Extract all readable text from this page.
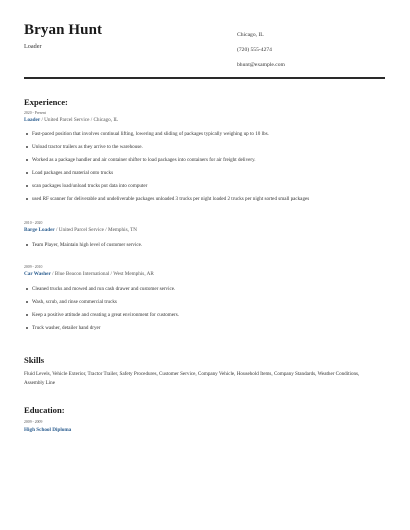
Bryan Hunt
Loader
Chicago, IL
(720) 555-4274
bhunt@example.com
Experience:
2020 - Present
Loader / United Parcel Service / Chicago, IL
Fast-paced position that involves continual lifting, lowering and sliding of packages typically weighing up to 10 lbs.
Unload tractor trailers as they arrive to the warehouse.
Worked as a package handler and air container shifter to load packages into containers for air freight delivery.
Load packages and material onto trucks
scan packages load/unload trucks put data into computer
used RF scanner for deliverable and undeliverable packages unloaded 3 trucks per night loaded 2 trucks per night sorted small packages
2010 - 2020
Barge Loader / United Parcel Service / Memphis, TN
Team Player, Maintain high level of customer service.
2009 - 2010
Car Washer / Blue Beacon International / West Memphis, AR
Cleaned trucks and mowed and run cash drawer and customer service.
Wash, scrub, and rinse commercial trucks
Keep a positive attitude and creating a great environment for customers.
Truck washer, detailer hand dryer
Skills
Fluid Levels, Vehicle Exterior, Tractor Trailer, Safety Procedures, Customer Service, Company Vehicle, Household Items, Company Standards, Weather Conditions, Assembly Line
Education:
2009 - 2009
High School Diploma
